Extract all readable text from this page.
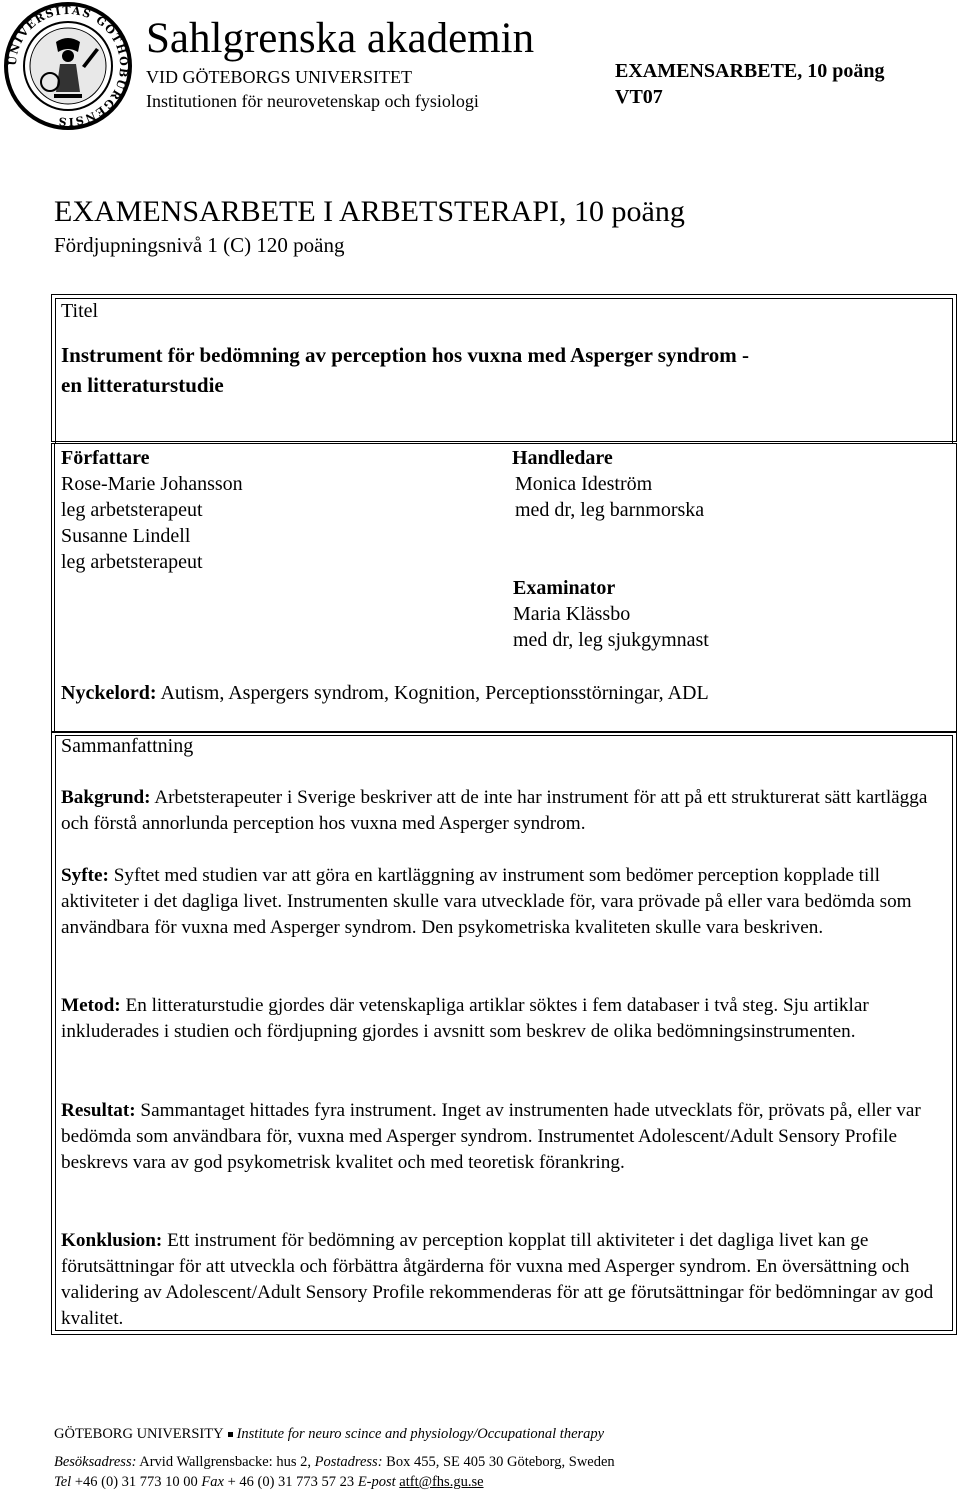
UNIVERSITAS GOTHOBURGENSIS
Sahlgrenska akademin
VID GÖTEBORGS UNIVERSITET
Institutionen för neurovetenskap och fysiologi
EXAMENSARBETE, 10 poäng
VT07
EXAMENSARBETE I ARBETSTERAPI, 10 poäng
Fördjupningsnivå 1 (C) 120 poäng
Titel
Instrument för bedömning av perception hos vuxna med Asperger syndrom -
en litteraturstudie
Författare
Rose-Marie Johansson
leg arbetsterapeut
Susanne Lindell
leg arbetsterapeut
Handledare
Monica Ideström
med dr, leg barnmorska
Examinator
Maria Klässbo
med dr, leg sjukgymnast
Nyckelord: Autism, Aspergers syndrom, Kognition, Perceptionsstörningar, ADL
Sammanfattning
Bakgrund: Arbetsterapeuter i Sverige beskriver att de inte har instrument för att på ett strukturerat sätt kartlägga och förstå annorlunda perception hos vuxna med Asperger syndrom.
Syfte: Syftet med studien var att göra en kartläggning av instrument som bedömer perception kopplade till aktiviteter i det dagliga livet. Instrumenten skulle vara utvecklade för, vara prövade på eller vara bedömda som användbara för vuxna med Asperger syndrom. Den psykometriska kvaliteten skulle vara beskriven.
Metod: En litteraturstudie gjordes där vetenskapliga artiklar söktes i fem databaser i två steg. Sju artiklar inkluderades i studien och fördjupning gjordes i avsnitt som beskrev de olika bedömningsinstrumenten.
Resultat: Sammantaget hittades fyra instrument. Inget av instrumenten hade utvecklats för, prövats på, eller var bedömda som användbara för, vuxna med Asperger syndrom. Instrumentet Adolescent/Adult Sensory Profile beskrevs vara av god psykometrisk kvalitet och med teoretisk förankring.
Konklusion: Ett instrument för bedömning av perception kopplat till aktiviteter i det dagliga livet kan ge förutsättningar för att utveckla och förbättra åtgärderna för vuxna med Asperger syndrom. En översättning och validering av Adolescent/Adult Sensory Profile rekommenderas för att ge förutsättningar för bedömningar av god kvalitet.
GÖTEBORG UNIVERSITY Institute for neuro scince and physiology/Occupational therapy
Besöksadress: Arvid Wallgrensbacke: hus 2, Postadress: Box 455, SE 405 30 Göteborg, Sweden
Tel +46 (0) 31 773 10 00 Fax + 46 (0) 31 773 57 23 E-post atft@fhs.gu.se
